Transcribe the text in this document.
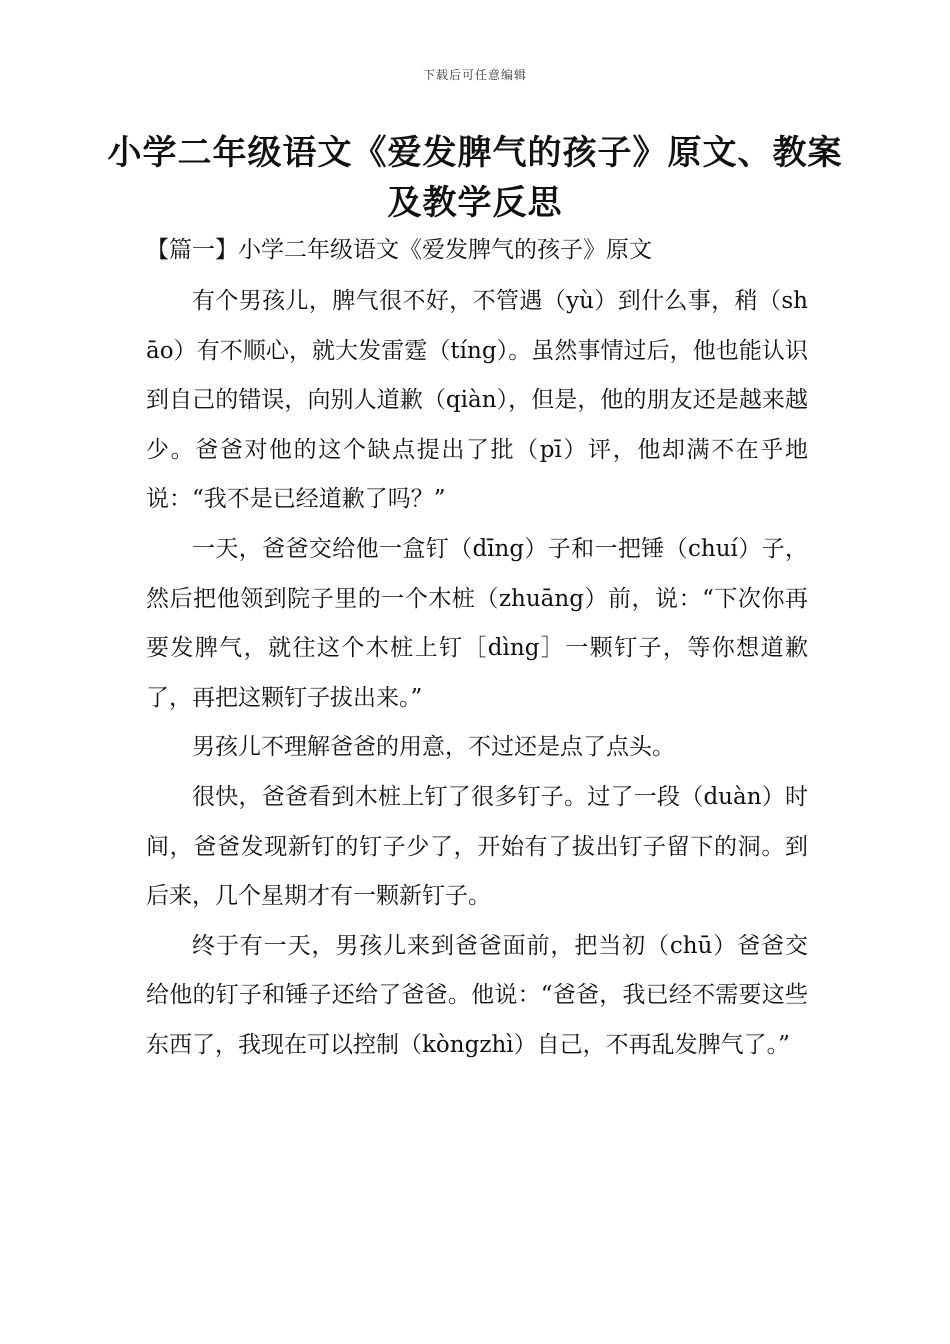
下载后可任意编辑
小学二年级语文《爱发脾气的孩子》原文、教案及教学反思
【篇一】小学二年级语文《爱发脾气的孩子》原文

有个男孩儿，脾气很不好，不管遇（yù）到什么事，稍（shāo）有不顺心，就大发雷霆（tíng）。虽然事情过后，他也能认识到自己的错误，向别人道歉（qiàn），但是，他的朋友还是越来越少。爸爸对他的这个缺点提出了批（pī）评，他却满不在乎地说：“我不是已经道歉了吗？”

一天，爸爸交给他一盒钉（dīng）子和一把锤（chuí）子，然后把他领到院子里的一个木桩（zhuāng）前，说：“下次你再要发脾气，就往这个木桩上钉［dìng］一颗钉子，等你想道歉了，再把这颗钉子拔出来。”

男孩儿不理解爸爸的用意，不过还是点了点头。

很快，爸爸看到木桩上钉了很多钉子。过了一段（duàn）时间，爸爸发现新钉的钉子少了，开始有了拔出钉子留下的洞。到后来，几个星期才有一颗新钉子。

终于有一天，男孩儿来到爸爸面前，把当初（chū）爸爸交给他的钉子和锤子还给了爸爸。他说：“爸爸，我已经不需要这些东西了，我现在可以控制（kòngzhì）自己，不再乱发脾气了。”
